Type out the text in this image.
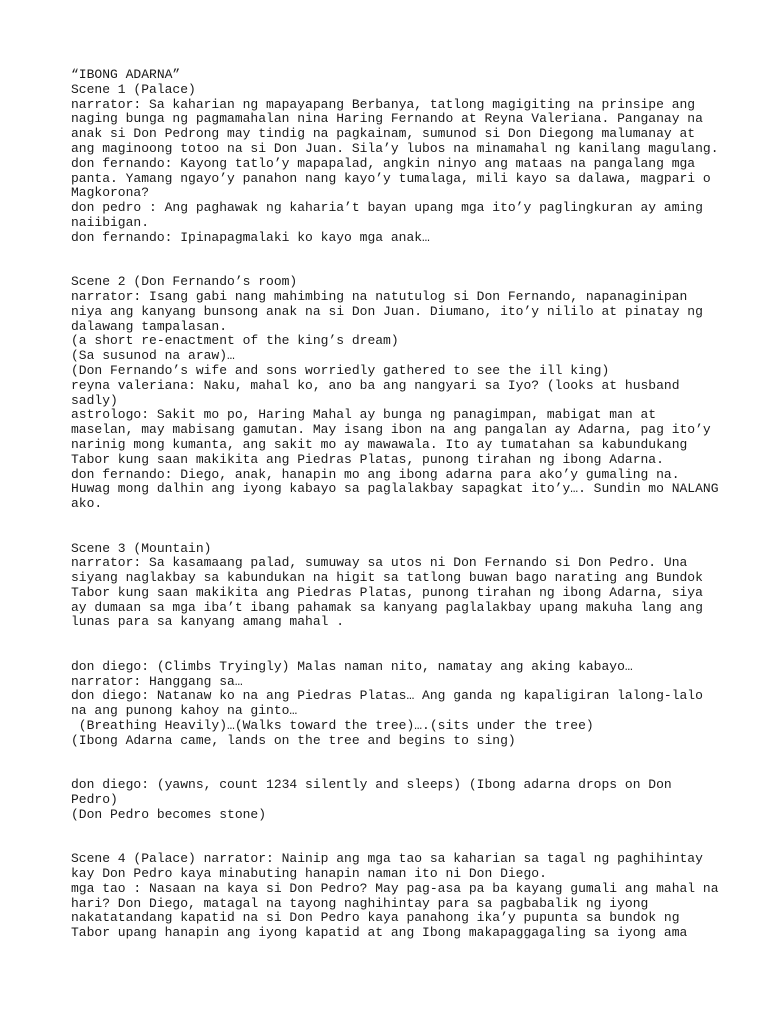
“IBONG ADARNA”

Scene 1 (Palace)

narrator: Sa kaharian ng mapayapang Berbanya, tatlong magigiting na prinsipe ang

naging bunga ng pagmamahalan nina Haring Fernando at Reyna Valeriana. Panganay na

anak si Don Pedrong may tindig na pagkainam, sumunod si Don Diegong malumanay at

ang maginoong totoo na si Don Juan. Sila’y lubos na minamahal ng kanilang magulang.

don fernando: Kayong tatlo’y mapapalad, angkin ninyo ang mataas na pangalang mga

panta. Yamang ngayo’y panahon nang kayo’y tumalaga, mili kayo sa dalawa, magpari o

Magkorona?

don pedro : Ang paghawak ng kaharia’t bayan upang mga ito’y paglingkuran ay aming

naiibigan.

don fernando: Ipinapagmalaki ko kayo mga anak…

Scene 2 (Don Fernando’s room)

narrator: Isang gabi nang mahimbing na natutulog si Don Fernando, napanaginipan

niya ang kanyang bunsong anak na si Don Juan. Diumano, ito’y nililo at pinatay ng

dalawang tampalasan.

(a short re-enactment of the king’s dream)

(Sa susunod na araw)…

(Don Fernando’s wife and sons worriedly gathered to see the ill king)

reyna valeriana: Naku, mahal ko, ano ba ang nangyari sa Iyo? (looks at husband

sadly)

astrologo: Sakit mo po, Haring Mahal ay bunga ng panagimpan, mabigat man at

maselan, may mabisang gamutan. May isang ibon na ang pangalan ay Adarna, pag ito’y

narinig mong kumanta, ang sakit mo ay mawawala. Ito ay tumatahan sa kabundukang

Tabor kung saan makikita ang Piedras Platas, punong tirahan ng ibong Adarna.

don fernando: Diego, anak, hanapin mo ang ibong adarna para ako’y gumaling na.

Huwag mong dalhin ang iyong kabayo sa paglalakbay sapagkat ito’y…. Sundin mo NALANG

ako.

Scene 3 (Mountain)

narrator: Sa kasamaang palad, sumuway sa utos ni Don Fernando si Don Pedro. Una

siyang naglakbay sa kabundukan na higit sa tatlong buwan bago narating ang Bundok

Tabor kung saan makikita ang Piedras Platas, punong tirahan ng ibong Adarna, siya

ay dumaan sa mga iba’t ibang pahamak sa kanyang paglalakbay upang makuha lang ang

lunas para sa kanyang amang mahal .

don diego: (Climbs Tryingly) Malas naman nito, namatay ang aking kabayo…

narrator: Hanggang sa…

don diego: Natanaw ko na ang Piedras Platas… Ang ganda ng kapaligiran lalong-lalo

na ang punong kahoy na ginto…

(Breathing Heavily)…(Walks toward the tree)….(sits under the tree)

(Ibong Adarna came, lands on the tree and begins to sing)

don diego: (yawns, count 1234 silently and sleeps) (Ibong adarna drops on Don

Pedro)

(Don Pedro becomes stone)

Scene 4 (Palace) narrator: Nainip ang mga tao sa kaharian sa tagal ng paghihintay

kay Don Pedro kaya minabuting hanapin naman ito ni Don Diego.

mga tao : Nasaan na kaya si Don Pedro? May pag-asa pa ba kayang gumali ang mahal na

hari? Don Diego, matagal na tayong naghihintay para sa pagbabalik ng iyong

nakatatandang kapatid na si Don Pedro kaya panahong ika’y pupunta sa bundok ng

Tabor upang hanapin ang iyong kapatid at ang Ibong makapaggagaling sa iyong ama
